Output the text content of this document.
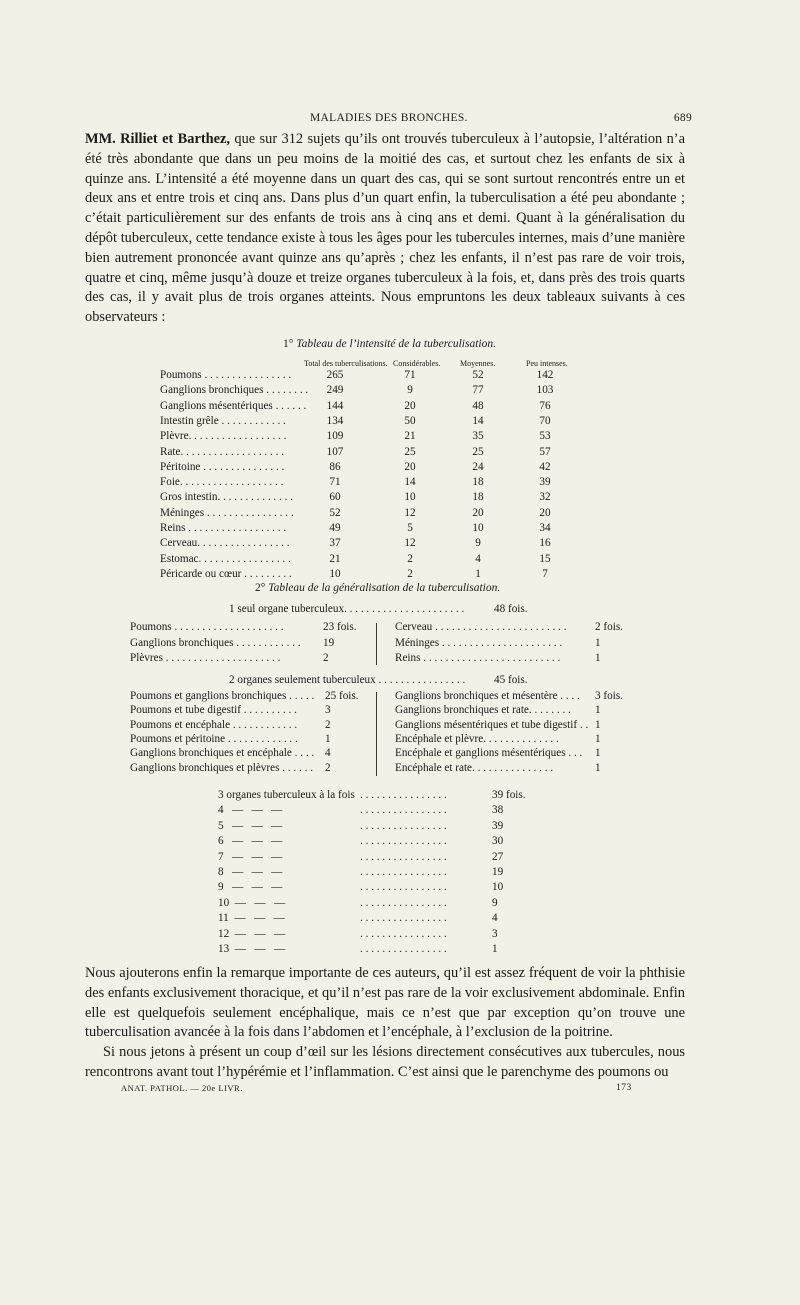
MALADIES DES BRONCHES.	689
MM. Rilliet et Barthez, que sur 312 sujets qu’ils ont trouvés tuberculeux à l’autopsie, l’altération n’a été très abondante que dans un peu moins de la moitié des cas, et surtout chez les enfants de six à quinze ans. L’intensité a été moyenne dans un quart des cas, qui se sont surtout rencontrés entre un et deux ans et entre trois et cinq ans. Dans plus d’un quart enfin, la tuberculisation a été peu abondante ; c’était particulièrement sur des enfants de trois ans à cinq ans et demi. Quant à la généralisation du dépôt tuberculeux, cette tendance existe à tous les âges pour les tubercules internes, mais d’une manière bien autrement prononcée avant quinze ans qu’après ; chez les enfants, il n’est pas rare de voir trois, quatre et cinq, même jusqu’à douze et treize organes tuberculeux à la fois, et, dans près des trois quarts des cas, il y avait plus de trois organes atteints. Nous empruntons les deux tableaux suivants à ces observateurs :
1° Tableau de l’intensité de la tuberculisation.
Total des tuberculisations. Considérables. Moyennes.	Peu intenses.
Poumons . . . . . . . . . . . . . . . .	265	71	52	142
Ganglions bronchiques . . . . . . . .	249	9	77	103
Ganglions mésentériques . . . . . .	144	20	48	76
Intestin grêle . . . . . . . . . . . .	134	50	14	70
Plèvre. . . . . . . . . . . . . . . . . .	109	21	35	53
Rate. . . . . . . . . . . . . . . . . . .	107	25	25	57
Péritoine . . . . . . . . . . . . . . .	86	20	24	42
Foie. . . . . . . . . . . . . . . . . . .	71	14	18	39
Gros intestin. . . . . . . . . . . . . .	60	10	18	32
Méninges . . . . . . . . . . . . . . . .	52	12	20	20
Reins . . . . . . . . . . . . . . . . . .	49	5	10	34
Cerveau. . . . . . . . . . . . . . . . .	37	12	9	16
Estomac. . . . . . . . . . . . . . . . .	21	2	4	15
Péricarde ou cœur . . . . . . . . .	10	2	1	7
2° Tableau de la généralisation de la tuberculisation.
1 seul organe tuberculeux. . . . . . . . . . . . . . . . . . . . . .	48 fois.
Poumons . . . . . . . . . . . . . . . . . . . .	23 fois.
Ganglions bronchiques . . . . . . . . . . . .	19
Plèvres . . . . . . . . . . . . . . . . . . . . .	2
Cerveau . . . . . . . . . . . . . . . . . . . . . . . .	2 fois.
Méninges . . . . . . . . . . . . . . . . . . . . . .	1
Reins . . . . . . . . . . . . . . . . . . . . . . . . .	1
2 organes seulement tuberculeux . . . . . . . . . . . . . . . .	45 fois.
Poumons et ganglions bronchiques . . . . . 25 fois.
Poumons et tube digestif . . . . . . . . . .	3
Poumons et encéphale . . . . . . . . . . . .	2
Poumons et péritoine . . . . . . . . . . . . .	1
Ganglions bronchiques et encéphale . . . . 4
Ganglions bronchiques et plèvres . . . . . .	2
Ganglions bronchiques et mésentère . . . .	3 fois.
Ganglions bronchiques et rate. . . . . . . .	1
Ganglions mésentériques et tube digestif . . 1
Encéphale et plèvre. . . . . . . . . . . . . .	1
Encéphale et ganglions mésentériques . . .	1
Encéphale et rate. . . . . . . . . . . . . . .	1
3 organes tuberculeux à la fois . . . . . . . . . . . . . . . .	39 fois.
4   —   —   —	. . . . . . . . . . . . . . . .	38
5   —   —   —	. . . . . . . . . . . . . . . .	39
6   —   —   —	. . . . . . . . . . . . . . . .	30
7   —   —   —	. . . . . . . . . . . . . . . .	27
8   —   —   —	. . . . . . . . . . . . . . . .	19
9   —   —   —	. . . . . . . . . . . . . . . .	10
10  —   —   —	. . . . . . . . . . . . . . . .	9
11  —   —   —	. . . . . . . . . . . . . . . .	4
12  —   —   —	. . . . . . . . . . . . . . . .	3
13  —   —   —	. . . . . . . . . . . . . . . .	1
Nous ajouterons enfin la remarque importante de ces auteurs, qu’il est assez fréquent de voir la phthisie des enfants exclusivement thoracique, et qu’il n’est pas rare de la voir exclusivement abdominale. Enfin elle est quelquefois seulement encéphalique, mais ce n’est que par exception qu’on trouve une tuberculisation avancée à la fois dans l’abdomen et l’encéphale, à l’exclusion de la poitrine.
Si nous jetons à présent un coup d’œil sur les lésions directement consécutives aux tubercules, nous rencontrons avant tout l’hypérémie et l’inflammation. C’est ainsi que le parenchyme des poumons ou
ANAT. PATHOL. — 20e LIVR.	173
